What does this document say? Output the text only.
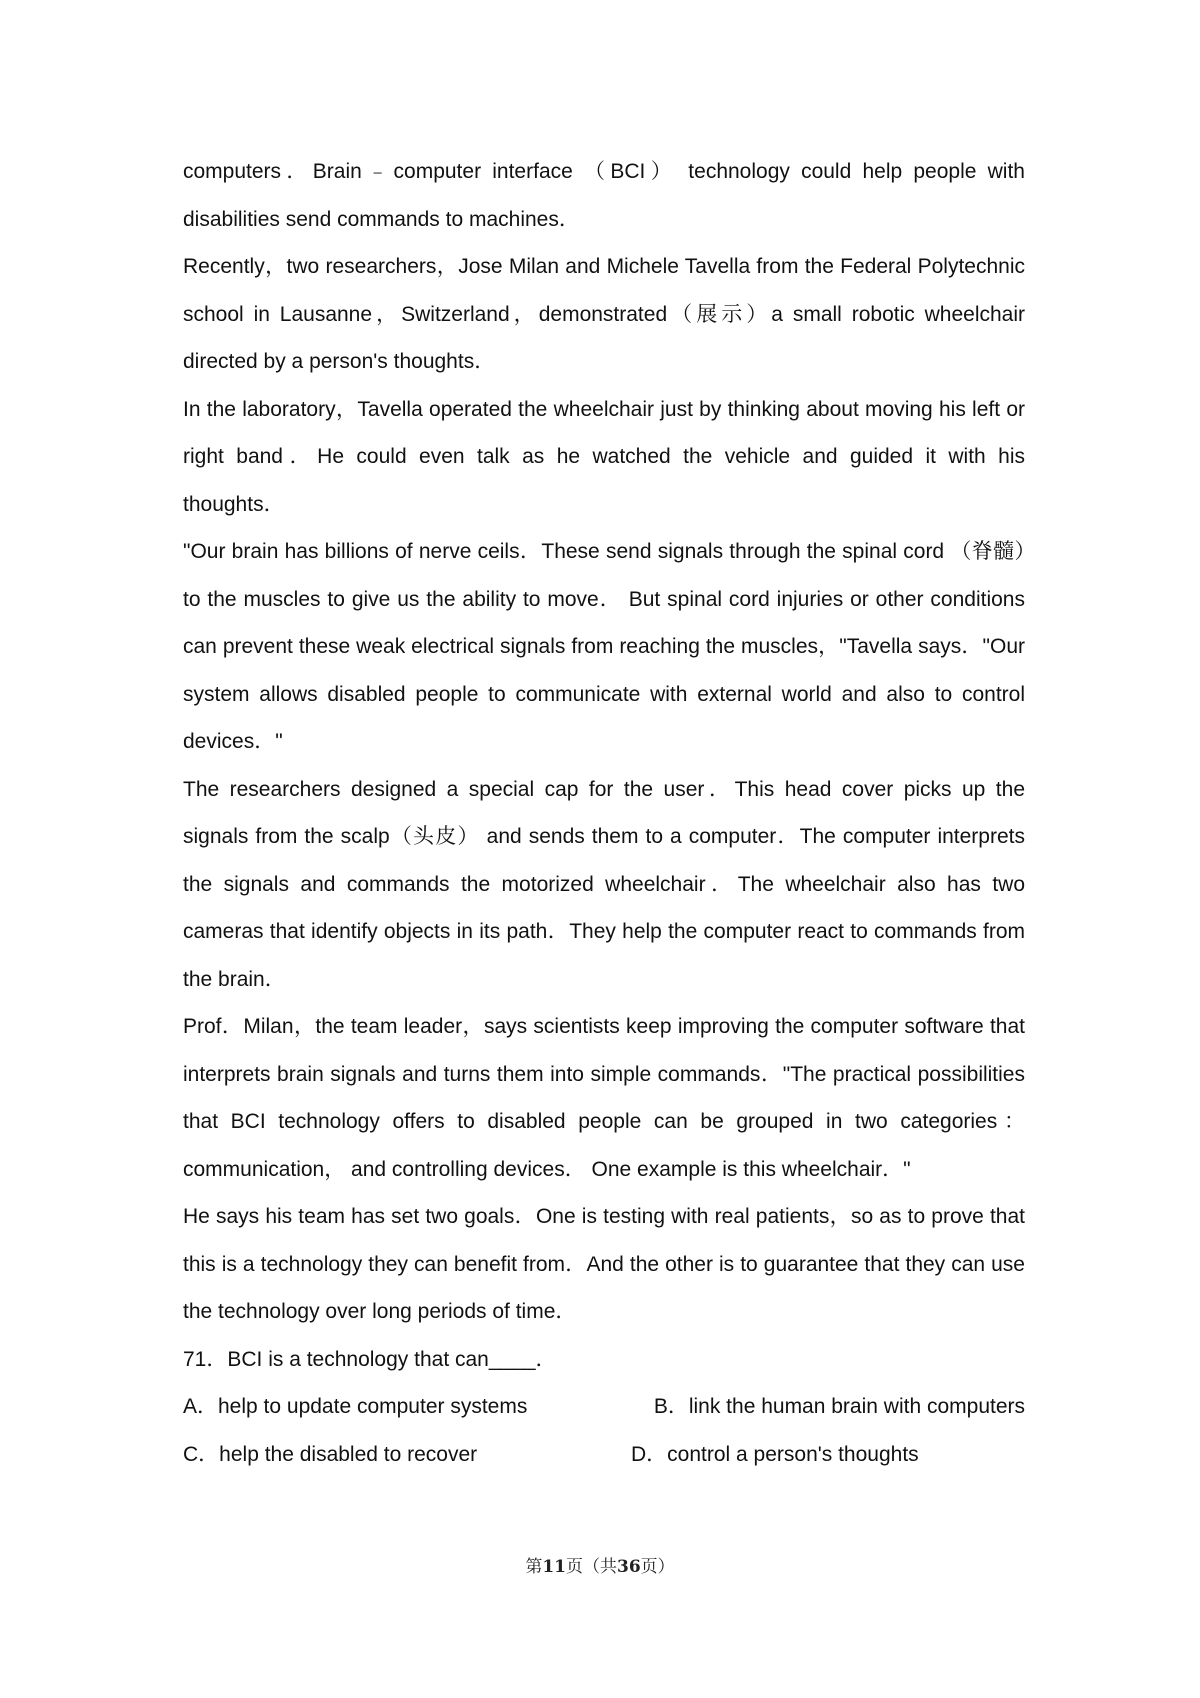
computers．Brain﹣computer interface （BCI） technology could help people with disabilities send commands to machines．

Recently，two researchers，Jose Milan and Michele Tavella from the Federal Polytechnic school in Lausanne，Switzerland，demonstrated（展示）a small robotic wheelchair directed by a person's thoughts．

In the laboratory，Tavella operated the wheelchair just by thinking about moving his left or right band．He could even talk as he watched the vehicle and guided it with his thoughts．

"Our brain has billions of nerve ceils．These send signals through the spinal cord （脊髓）to the muscles to give us the ability to move． But spinal cord injuries or other conditions can prevent these weak electrical signals from reaching the muscles，"Tavella says．"Our system allows disabled people to communicate with external world and also to control devices．"

The researchers designed a special cap for the user．This head cover picks up the signals from the scalp（头皮） and sends them to a computer．The computer interprets the signals and commands the motorized wheelchair．The wheelchair also has two cameras that identify objects in its path．They help the computer react to commands from the brain．

Prof．Milan，the team leader，says scientists keep improving the computer software that interprets brain signals and turns them into simple commands．"The practical possibilities that BCI technology offers to disabled people can be grouped in two categories： communication， and controlling devices． One example is this wheelchair．"

He says his team has set two goals．One is testing with real patients，so as to prove that this is a technology they can benefit from．And the other is to guarantee that they can use the technology over long periods of time．

71．BCI is a technology that can____．

A．help to update computer systems	B．link the human brain with computers
C．help the disabled to recover	D．control a person's thoughts
第11页（共36页）
